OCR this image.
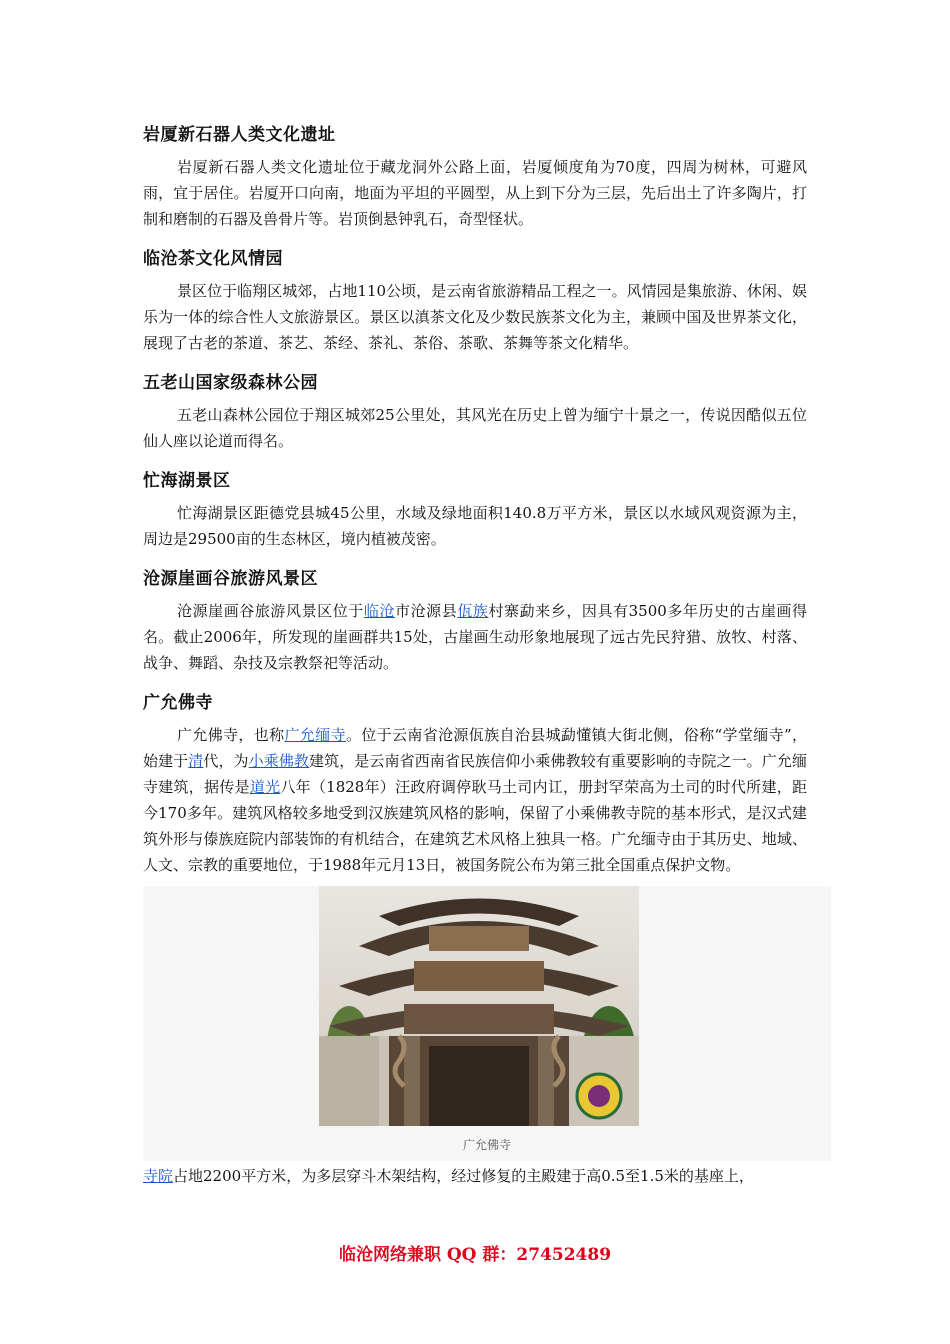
岩厦新石器人类文化遗址

岩厦新石器人类文化遗址位于藏龙洞外公路上面，岩厦倾度角为70度，四周为树林，可避风雨，宜于居住。岩厦开口向南，地面为平坦的平圆型，从上到下分为三层，先后出土了许多陶片，打制和磨制的石器及兽骨片等。岩顶倒悬钟乳石，奇型怪状。

临沧茶文化风情园

景区位于临翔区城郊，占地110公顷，是云南省旅游精品工程之一。风情园是集旅游、休闲、娱乐为一体的综合性人文旅游景区。景区以滇茶文化及少数民族茶文化为主，兼顾中国及世界茶文化，展现了古老的茶道、茶艺、茶经、茶礼、茶俗、茶歌、茶舞等茶文化精华。

五老山国家级森林公园

五老山森林公园位于翔区城郊25公里处，其风光在历史上曾为缅宁十景之一，传说因酷似五位仙人座以论道而得名。

忙海湖景区

忙海湖景区距德党县城45公里，水域及绿地面积140.8万平方米，景区以水域风观资源为主，周边是29500亩的生态林区，境内植被茂密。

沧源崖画谷旅游风景区

沧源崖画谷旅游风景区位于临沧市沧源县佤族村寨勐来乡，因具有3500多年历史的古崖画得名。截止2006年，所发现的崖画群共15处，古崖画生动形象地展现了远古先民狩猎、放牧、村落、战争、舞蹈、杂技及宗教祭祀等活动。

广允佛寺

广允佛寺，也称广允缅寺。位于云南省沧源佤族自治县城勐懂镇大街北侧，俗称“学堂缅寺”，始建于清代，为小乘佛教建筑，是云南省西南省民族信仰小乘佛教较有重要影响的寺院之一。广允缅寺建筑，据传是道光八年（1828年）汪政府调停耿马土司内讧，册封罕荣高为土司的时代所建，距今170多年。建筑风格较多地受到汉族建筑风格的影响，保留了小乘佛教寺院的基本形式，是汉式建筑外形与傣族庭院内部装饰的有机结合，在建筑艺术风格上独具一格。广允缅寺由于其历史、地域、人文、宗教的重要地位，于1988年元月13日，被国务院公布为第三批全国重点保护文物。

广允佛寺

寺院占地2200平方米，为多层穿斗木架结构，经过修复的主殿建于高0.5至1.5米的基座上，

临沧网络兼职 QQ 群：27452489
